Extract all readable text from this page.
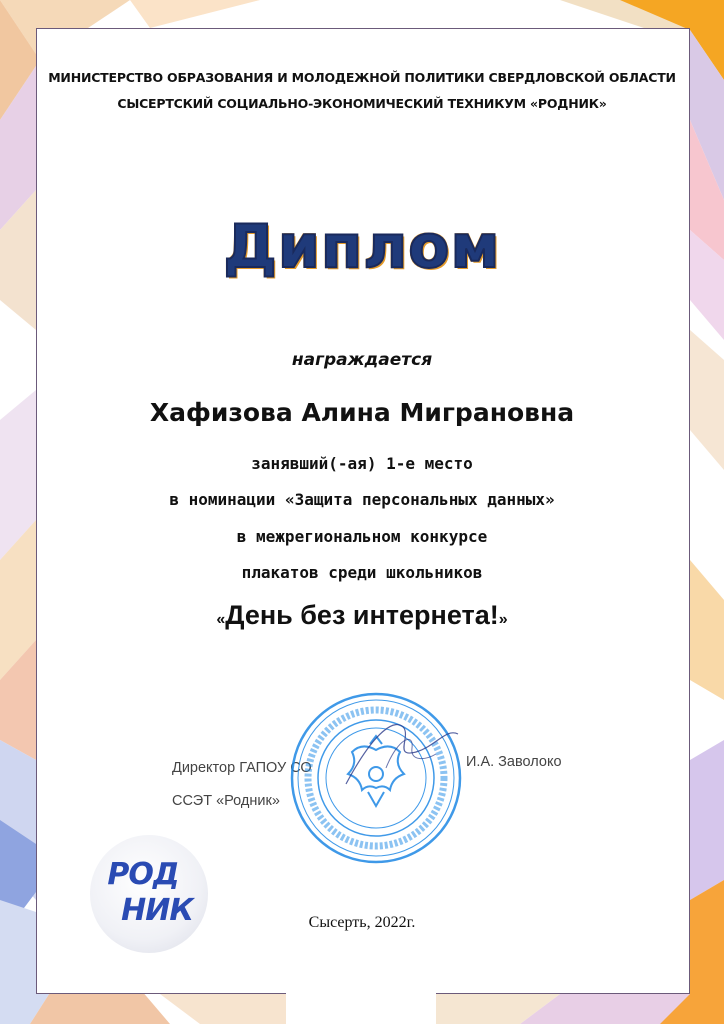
МИНИСТЕРСТВО ОБРАЗОВАНИЯ И МОЛОДЕЖНОЙ ПОЛИТИКИ СВЕРДЛОВСКОЙ ОБЛАСТИ
СЫСЕРТСКИЙ СОЦИАЛЬНО-ЭКОНОМИЧЕСКИЙ ТЕХНИКУМ «РОДНИК»
Диплом
награждается
Хафизова Алина Миграновна
занявший(-ая) 1-е место
в номинации «Защита персональных данных»
в межрегиональном конкурсе
плакатов среди школьников
«День без интернета!»
Директор ГАПОУ СО
ССЭТ «Родник»
И.А. Заволоко
РОД
НИК	Сысерть, 2022г.
